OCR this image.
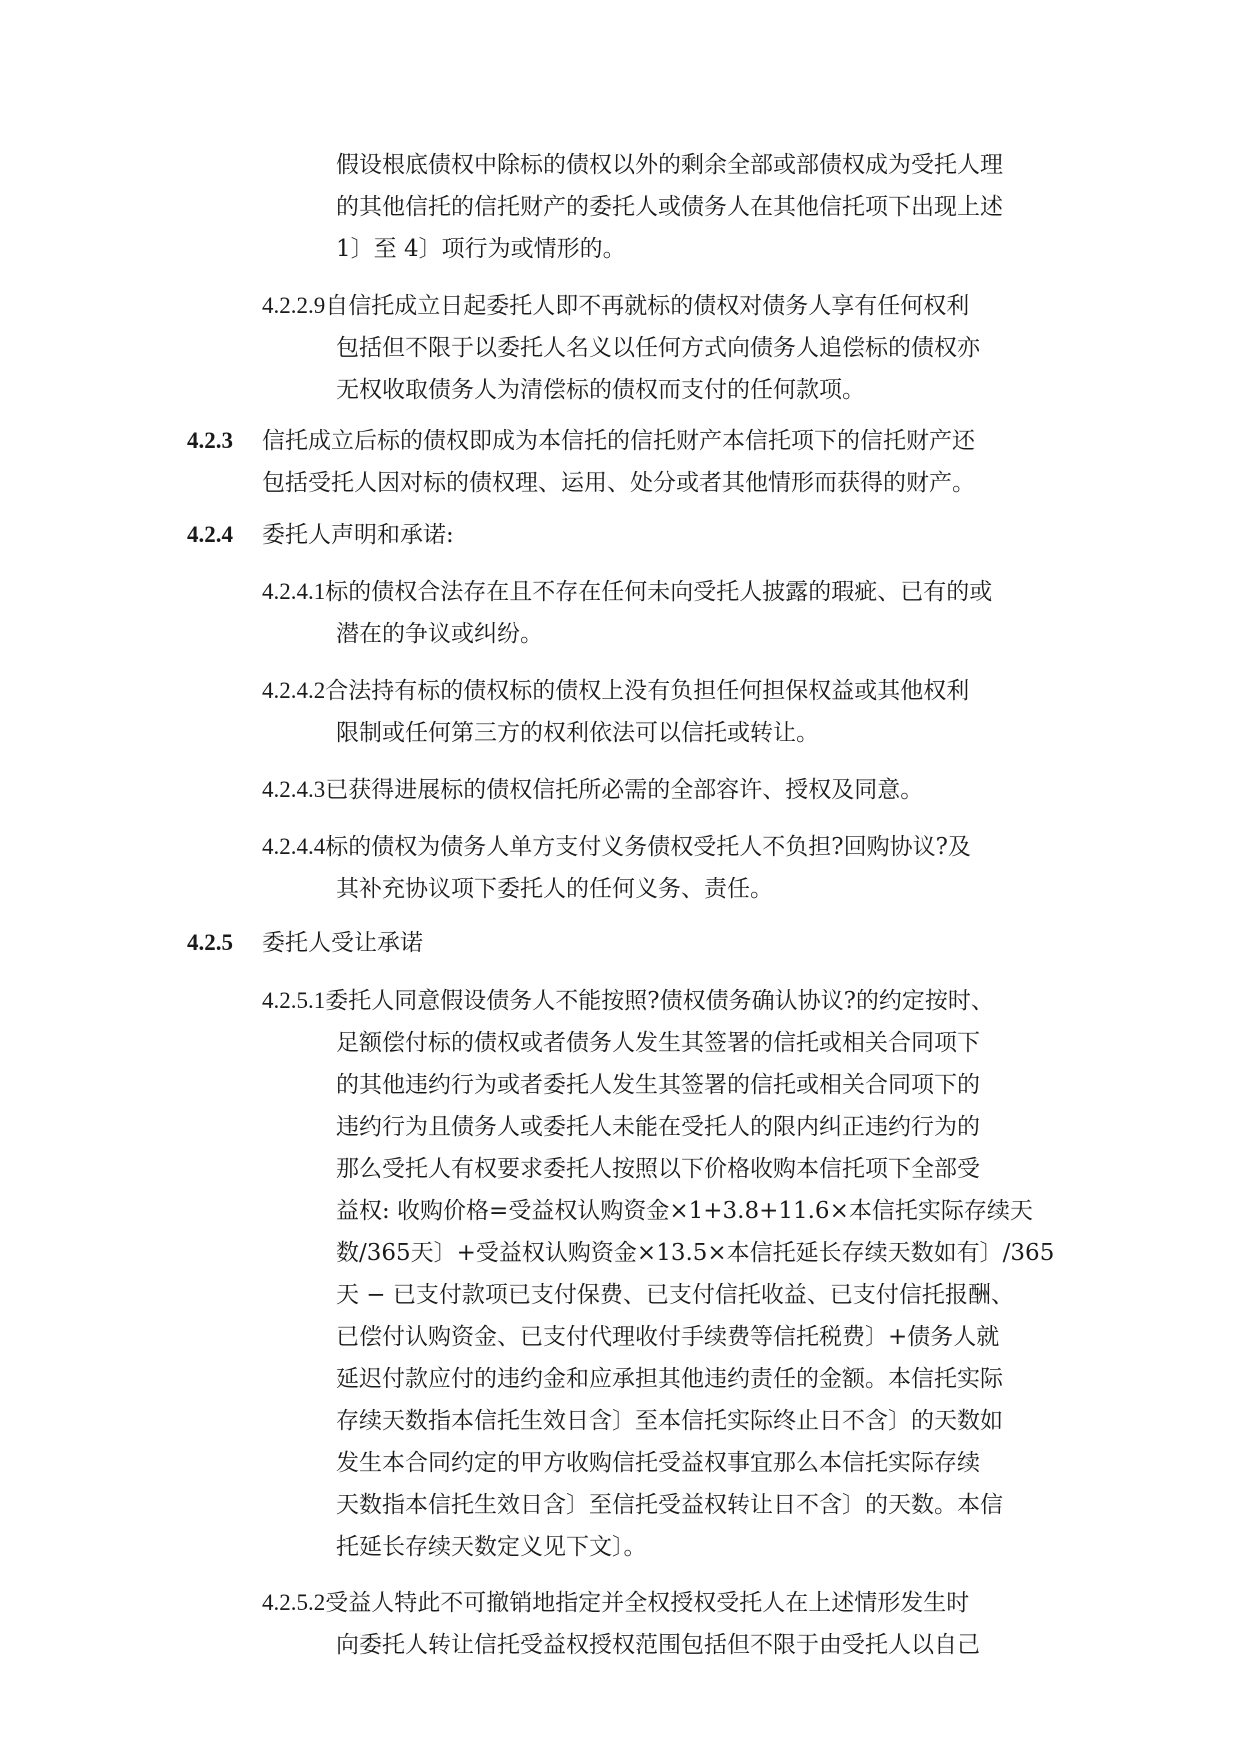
假设根底债权中除标的债权以外的剩余全部或部债权成为受托人理
的其他信托的信托财产的委托人或债务人在其他信托项下出现上述
1〕至 4〕项行为或情形的。
4.2.2.9自信托成立日起委托人即不再就标的债权对债务人享有任何权利
包括但不限于以委托人名义以任何方式向债务人追偿标的债权亦
无权收取债务人为清偿标的债权而支付的任何款项。
4.2.3 信托成立后标的债权即成为本信托的信托财产本信托项下的信托财产还
包括受托人因对标的债权理、运用、处分或者其他情形而获得的财产。
4.2.4 委托人声明和承诺:
4.2.4.1标的债权合法存在且不存在任何未向受托人披露的瑕疵、已有的或
潜在的争议或纠纷。
4.2.4.2合法持有标的债权标的债权上没有负担任何担保权益或其他权利
限制或任何第三方的权利依法可以信托或转让。
4.2.4.3已获得进展标的债权信托所必需的全部容许、授权及同意。
4.2.4.4标的债权为债务人单方支付义务债权受托人不负担?回购协议?及
其补充协议项下委托人的任何义务、责任。
4.2.5 委托人受让承诺
4.2.5.1委托人同意假设债务人不能按照?债权债务确认协议?的约定按时、
足额偿付标的债权或者债务人发生其签署的信托或相关合同项下
的其他违约行为或者委托人发生其签署的信托或相关合同项下的
违约行为且债务人或委托人未能在受托人的限内纠正违约行为的
那么受托人有权要求委托人按照以下价格收购本信托项下全部受
益权: 收购价格=受益权认购资金×1+3.8+11.6×本信托实际存续天
数/365天〕+受益权认购资金×13.5×本信托延长存续天数如有〕/365
天 − 已支付款项已支付保费、已支付信托收益、已支付信托报酬、
已偿付认购资金、已支付代理收付手续费等信托税费〕+债务人就
延迟付款应付的违约金和应承担其他违约责任的金额。本信托实际
存续天数指本信托生效日含〕至本信托实际终止日不含〕的天数如
发生本合同约定的甲方收购信托受益权事宜那么本信托实际存续
天数指本信托生效日含〕至信托受益权转让日不含〕的天数。本信
托延长存续天数定义见下文〕。
4.2.5.2受益人特此不可撤销地指定并全权授权受托人在上述情形发生时
向委托人转让信托受益权授权范围包括但不限于由受托人以自己
